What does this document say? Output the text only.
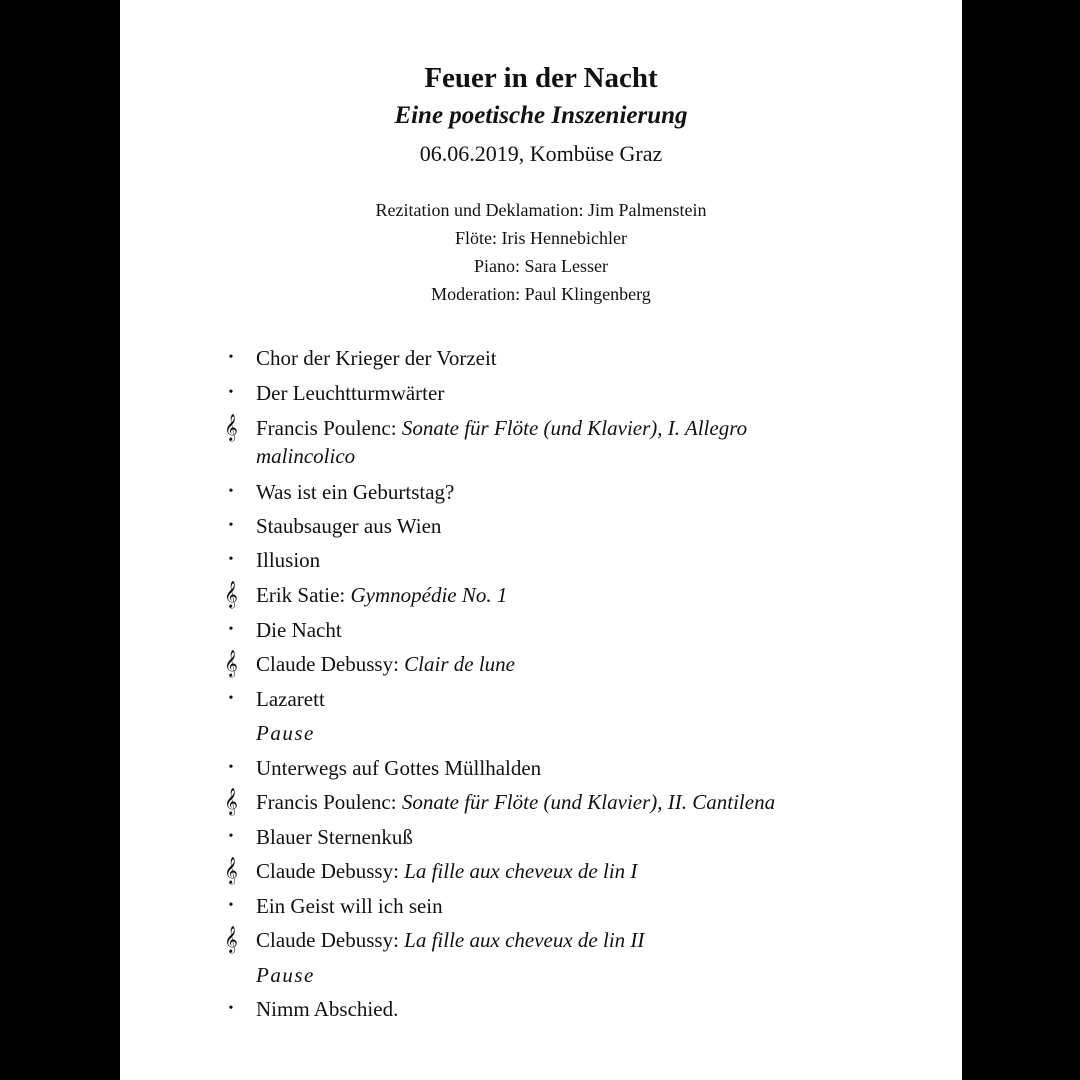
Feuer in der Nacht
Eine poetische Inszenierung
06.06.2019, Kombüse Graz
Rezitation und Deklamation: Jim Palmenstein
Flöte: Iris Hennebichler
Piano: Sara Lesser
Moderation: Paul Klingenberg
•	Chor der Krieger der Vorzeit
•	Der Leuchtturmwärter
𝄞 Francis Poulenc: Sonate für Flöte (und Klavier), I. Allegro
malincolico
•	Was ist ein Geburtstag?
•	Staubsauger aus Wien
•	Illusion
𝄞 Erik Satie: Gymnopédie No. 1
•	Die Nacht
𝄞 Claude Debussy: Clair de lune
•	Lazarett
Pause
•	Unterwegs auf Gottes Müllhalden
𝄞 Francis Poulenc: Sonate für Flöte (und Klavier), II. Cantilena
•	Blauer Sternenkuß
𝄞 Claude Debussy: La fille aux cheveux de lin I
•	Ein Geist will ich sein
𝄞 Claude Debussy: La fille aux cheveux de lin II
Pause
•	Nimm Abschied.
